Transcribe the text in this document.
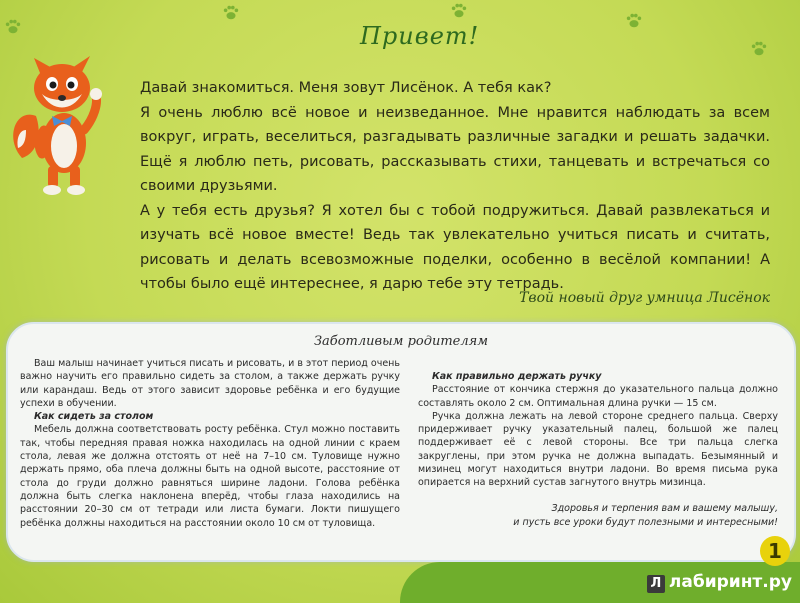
Привет!

Давай знакомиться. Меня зовут Лисёнок. А тебя как?

Я очень люблю всё новое и неизведанное. Мне нравится наблюдать за всем вокруг, играть, веселиться, разгадывать различные загадки и решать задачки. Ещё я люблю петь, рисовать, рассказывать стихи, танцевать и встречаться со своими друзьями.

А у тебя есть друзья? Я хотел бы с тобой подружиться. Давай развлекаться и изучать всё новое вместе! Ведь так увлекательно учиться писать и считать, рисовать и делать всевозможные поделки, особенно в весёлой компании! А чтобы было ещё интереснее, я дарю тебе эту тетрадь.

Твой новый друг умница Лисёнок
Заботливым родителям

Ваш малыш начинает учиться писать и рисовать, и в этот период очень важно научить его правильно сидеть за столом, а также держать ручку или карандаш. Ведь от этого зависит здоровье ребёнка и его будущие успехи в обучении.

Как сидеть за столом

Мебель должна соответствовать росту ребёнка. Стул можно поставить так, чтобы передняя правая ножка находилась на одной линии с краем стола, левая же должна отстоять от неё на 7–10 см. Туловище нужно держать прямо, оба плеча должны быть на одной высоте, расстояние от стола до груди должно равняться ширине ладони. Голова ребёнка должна быть слегка наклонена вперёд, чтобы глаза находились на расстоянии 20–30 см от тетради или листа бумаги. Локти пишущего ребёнка должны находиться на расстоянии около 10 см от туловища.

Как правильно держать ручку

Расстояние от кончика стержня до указательного пальца должно составлять около 2 см. Оптимальная длина ручки — 15 см.

Ручка должна лежать на левой стороне среднего пальца. Сверху придерживает ручку указательный палец, большой же палец поддерживает её с левой стороны. Все три пальца слегка закруглены, при этом ручка не должна выпадать. Безымянный и мизинец могут находиться внутри ладони. Во время письма рука опирается на верхний сустав загнутого внутрь мизинца.

Здоровья и терпения вам и вашему малышу,
и пусть все уроки будут полезными и интересными!

1
Л лабиринт.ру
